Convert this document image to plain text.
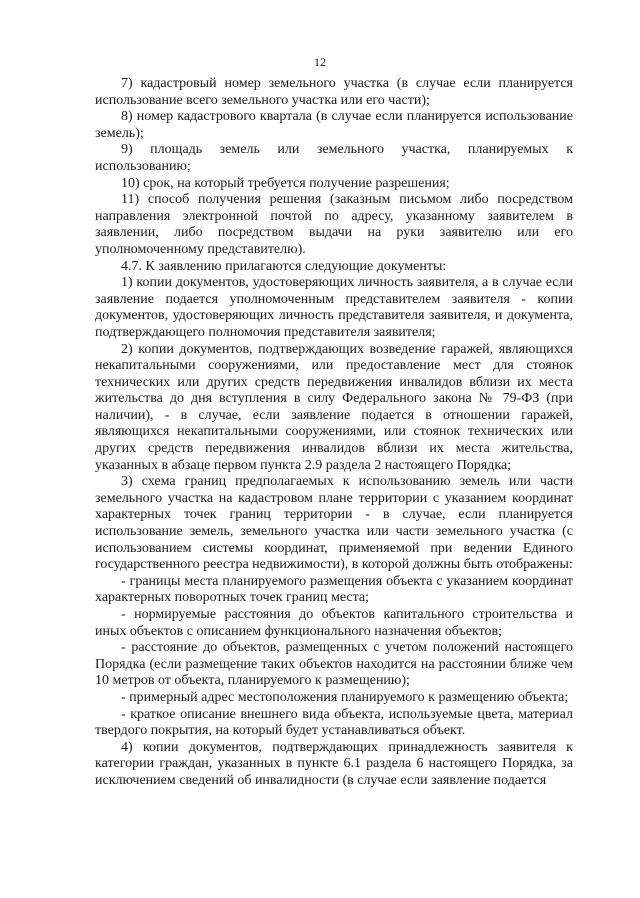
12

7) кадастровый номер земельного участка (в случае если планируется использование всего земельного участка или его части);

8) номер кадастрового квартала (в случае если планируется использование земель);

9) площадь земель или земельного участка, планируемых к использованию;

10) срок, на который требуется получение разрешения;

11) способ получения решения (заказным письмом либо посредством направления электронной почтой по адресу, указанному заявителем в заявлении, либо посредством выдачи на руки заявителю или его уполномоченному представителю).

4.7. К заявлению прилагаются следующие документы:

1) копии документов, удостоверяющих личность заявителя, а в случае если заявление подается уполномоченным представителем заявителя - копии документов, удостоверяющих личность представителя заявителя, и документа, подтверждающего полномочия представителя заявителя;

2) копии документов, подтверждающих возведение гаражей, являющихся некапитальными сооружениями, или предоставление мест для стоянок технических или других средств передвижения инвалидов вблизи их места жительства до дня вступления в силу Федерального закона № 79-ФЗ (при наличии), - в случае, если заявление подается в отношении гаражей, являющихся некапитальными сооружениями, или стоянок технических или других средств передвижения инвалидов вблизи их места жительства, указанных в абзаце первом пункта 2.9 раздела 2 настоящего Порядка;

3) схема границ предполагаемых к использованию земель или части земельного участка на кадастровом плане территории с указанием координат характерных точек границ территории - в случае, если планируется использование земель, земельного участка или части земельного участка (с использованием системы координат, применяемой при ведении Единого государственного реестра недвижимости), в которой должны быть отображены:

- границы места планируемого размещения объекта с указанием координат характерных поворотных точек границ места;

- нормируемые расстояния до объектов капитального строительства и иных объектов с описанием функционального назначения объектов;

- расстояние до объектов, размещенных с учетом положений настоящего Порядка (если размещение таких объектов находится на расстоянии ближе чем 10 метров от объекта, планируемого к размещению);

- примерный адрес местоположения планируемого к размещению объекта;

- краткое описание внешнего вида объекта, используемые цвета, материал твердого покрытия, на который будет устанавливаться объект.

4) копии документов, подтверждающих принадлежность заявителя к категории граждан, указанных в пункте 6.1 раздела 6 настоящего Порядка, за исключением сведений об инвалидности (в случае если заявление подается
